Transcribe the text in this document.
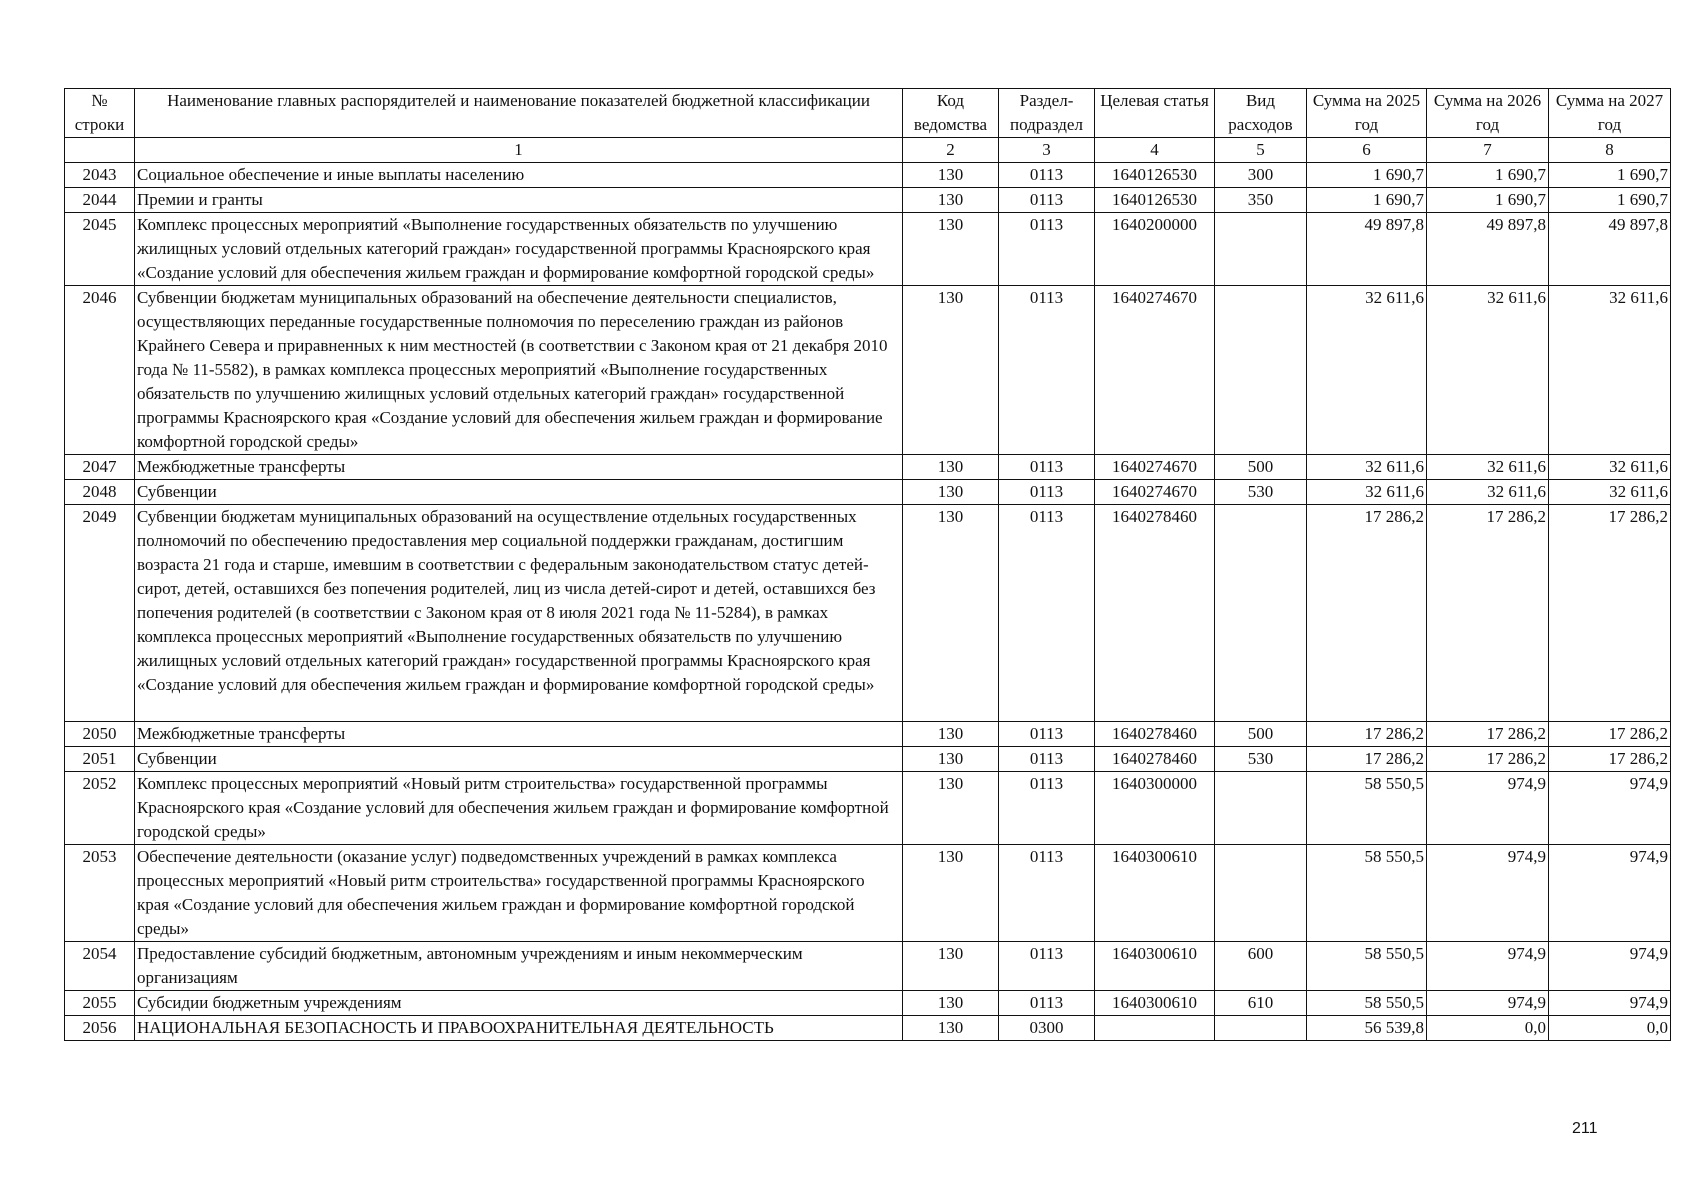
№ строки	Наименование главных распорядителей и наименование показателей бюджетной классификации	Код ведомства	Раздел-подраздел	Целевая статья	Вид расходов	Сумма на 2025 год	Сумма на 2026 год	Сумма на 2027 год
	1	2	3	4	5	6	7	8
2043	Социальное обеспечение и иные выплаты населению	130	0113	1640126530	300	1 690,7	1 690,7	1 690,7
2044	Премии и гранты	130	0113	1640126530	350	1 690,7	1 690,7	1 690,7
2045	Комплекс процессных мероприятий «Выполнение государственных обязательств по улучшению жилищных условий отдельных категорий граждан» государственной программы Красноярского края «Создание условий для обеспечения жильем граждан и формирование комфортной городской среды»	130	0113	1640200000		49 897,8	49 897,8	49 897,8
2046	Субвенции бюджетам муниципальных образований на обеспечение деятельности специалистов, осуществляющих переданные государственные полномочия по переселению граждан из районов Крайнего Севера и приравненных к ним местностей (в соответствии с Законом края от 21 декабря 2010 года № 11-5582), в рамках комплекса процессных мероприятий «Выполнение государственных обязательств по улучшению жилищных условий отдельных категорий граждан» государственной программы Красноярского края «Создание условий для обеспечения жильем граждан и формирование комфортной городской среды»	130	0113	1640274670		32 611,6	32 611,6	32 611,6
2047	Межбюджетные трансферты	130	0113	1640274670	500	32 611,6	32 611,6	32 611,6
2048	Субвенции	130	0113	1640274670	530	32 611,6	32 611,6	32 611,6
2049	Субвенции бюджетам муниципальных образований на осуществление отдельных государственных полномочий по обеспечению предоставления мер социальной поддержки гражданам, достигшим возраста 21 года и старше, имевшим в соответствии с федеральным законодательством статус детей-сирот, детей, оставшихся без попечения родителей, лиц из числа детей-сирот и детей, оставшихся без попечения родителей (в соответствии с Законом края от 8 июля 2021 года № 11-5284), в рамках комплекса процессных мероприятий «Выполнение государственных обязательств по улучшению жилищных условий отдельных категорий граждан» государственной программы Красноярского края «Создание условий для обеспечения жильем граждан и формирование комфортной городской среды»	130	0113	1640278460		17 286,2	17 286,2	17 286,2
2050	Межбюджетные трансферты	130	0113	1640278460	500	17 286,2	17 286,2	17 286,2
2051	Субвенции	130	0113	1640278460	530	17 286,2	17 286,2	17 286,2
2052	Комплекс процессных мероприятий «Новый ритм строительства» государственной программы Красноярского края «Создание условий для обеспечения жильем граждан и формирование комфортной городской среды»	130	0113	1640300000		58 550,5	974,9	974,9
2053	Обеспечение деятельности (оказание услуг) подведомственных учреждений в рамках комплекса процессных мероприятий «Новый ритм строительства» государственной программы Красноярского края «Создание условий для обеспечения жильем граждан и формирование комфортной городской среды»	130	0113	1640300610		58 550,5	974,9	974,9
2054	Предоставление субсидий бюджетным, автономным учреждениям и иным некоммерческим организациям	130	0113	1640300610	600	58 550,5	974,9	974,9
2055	Субсидии бюджетным учреждениям	130	0113	1640300610	610	58 550,5	974,9	974,9
2056	НАЦИОНАЛЬНАЯ БЕЗОПАСНОСТЬ И ПРАВООХРАНИТЕЛЬНАЯ ДЕЯТЕЛЬНОСТЬ	130	0300			56 539,8	0,0	0,0
211
